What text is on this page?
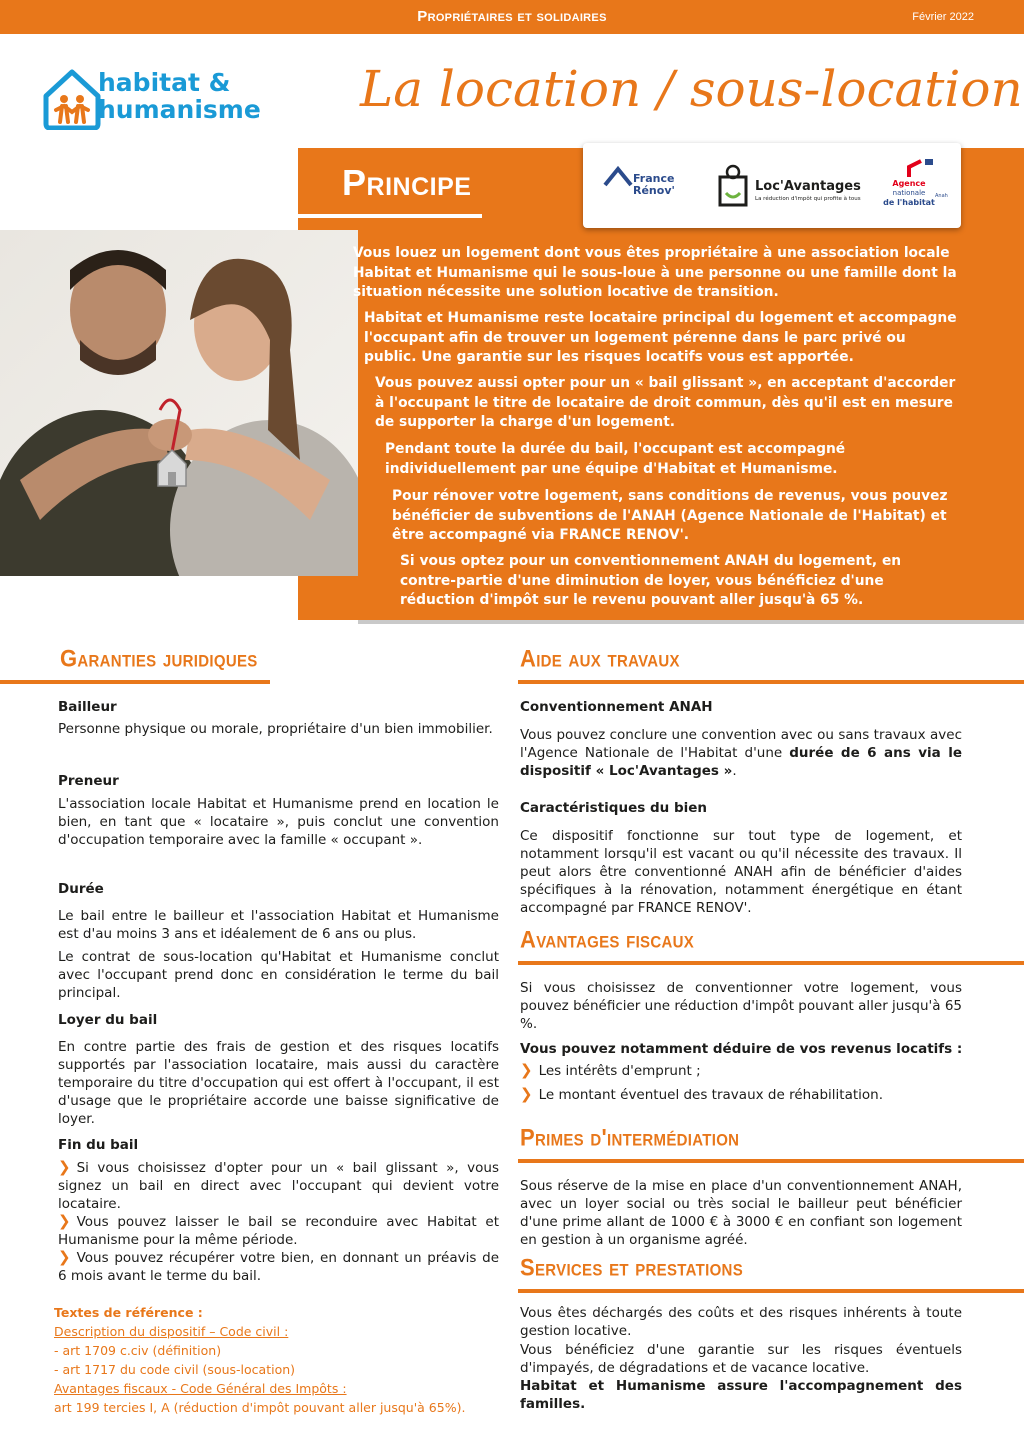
Propriétaires et solidaires	Février 2022
habitat &
humanisme La location / sous-location
Principe	France Rénov'	Loc'Avantages
La réduction d'impôt qui profite à tous
Agence
nationale
de l'habitat
Anah
Vous louez un logement dont vous êtes propriétaire à une association locale Habitat et Humanisme qui le sous-loue à une personne ou une famille dont la situation nécessite une solution locative de transition.
Habitat et Humanisme reste locataire principal du logement et accompagne l'occupant afin de trouver un logement pérenne dans le parc privé ou public. Une garantie sur les risques locatifs vous est apportée.
Vous pouvez aussi opter pour un « bail glissant », en acceptant d'accorder à l'occupant le titre de locataire de droit commun, dès qu'il est en mesure de supporter la charge d'un logement.
Pendant toute la durée du bail, l'occupant est accompagné individuellement par une équipe d'Habitat et Humanisme.
Pour rénover votre logement, sans conditions de revenus, vous pouvez bénéficier de subventions de l'ANAH (Agence Nationale de l'Habitat) et être accompagné via FRANCE RENOV'.
Si vous optez pour un conventionnement ANAH du logement, en contre-partie d'une diminution de loyer, vous bénéficiez d'une réduction d'impôt sur le revenu pouvant aller jusqu'à 65 %.
Garanties juridiques
Bailleur
Personne physique ou morale, propriétaire d'un bien immobilier.
Preneur
L'association locale Habitat et Humanisme prend en location le bien, en tant que « locataire », puis conclut une convention d'occupation temporaire avec la famille « occupant ».
Durée
Le bail entre le bailleur et l'association Habitat et Humanisme est d'au moins 3 ans et idéalement de 6 ans ou plus.
Le contrat de sous-location qu'Habitat et Humanisme conclut avec l'occupant prend donc en considération le terme du bail principal.
Loyer du bail
En contre partie des frais de gestion et des risques locatifs supportés par l'association locataire, mais aussi du caractère temporaire du titre d'occupation qui est offert à l'occupant, il est d'usage que le propriétaire accorde une baisse significative de loyer.
Fin du bail
❯ Si vous choisissez d'opter pour un « bail glissant », vous signez un bail en direct avec l'occupant qui devient votre locataire.
❯ Vous pouvez laisser le bail se reconduire avec Habitat et Humanisme pour la même période.
❯ Vous pouvez récupérer votre bien, en donnant un préavis de 6 mois avant le terme du bail.
Textes de référence :
Description du dispositif – Code civil :
- art 1709 c.civ (définition)
- art 1717 du code civil (sous-location)
Avantages fiscaux - Code Général des Impôts :
art 199 tercies I, A (réduction d'impôt pouvant aller jusqu'à 65%).
Aide aux travaux
Conventionnement ANAH
Vous pouvez conclure une convention avec ou sans travaux avec l'Agence Nationale de l'Habitat d'une durée de 6 ans via le dispositif « Loc'Avantages ».
Caractéristiques du bien
Ce dispositif fonctionne sur tout type de logement, et notamment lorsqu'il est vacant ou qu'il nécessite des travaux. Il peut alors être conventionné ANAH afin de bénéficier d'aides spécifiques à la rénovation, notamment énergétique en étant accompagné par FRANCE RENOV'.
Avantages fiscaux
Si vous choisissez de conventionner votre logement, vous pouvez bénéficier une réduction d'impôt pouvant aller jusqu'à 65 %.
Vous pouvez notamment déduire de vos revenus locatifs :
❯ Les intérêts d'emprunt ;
❯ Le montant éventuel des travaux de réhabilitation.
Primes d'intermédiation
Sous réserve de la mise en place d'un conventionnement ANAH, avec un loyer social ou très social le bailleur peut bénéficier d'une prime allant de 1000 € à 3000 € en confiant son logement en gestion à un organisme agréé.
Services et prestations
Vous êtes déchargés des coûts et des risques inhérents à toute gestion locative.
Vous bénéficiez d'une garantie sur les risques éventuels d'impayés, de dégradations et de vacance locative.
Habitat et Humanisme assure l'accompagnement des familles.
